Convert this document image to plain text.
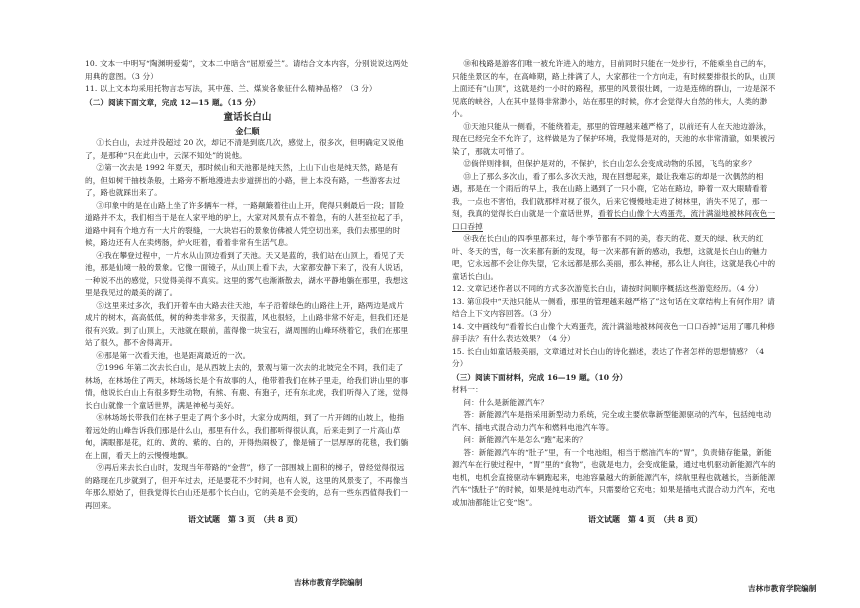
10. 文本一中明写“陶渊明爱菊”，文本二中暗含“屈原爱兰”。请结合文本内容，分别说说这两处用典的意图。（3 分）

11. 以上文本均采用托物言志写法，其中莲、兰、煤炭各象征什么精神品格？（3 分）

（二）阅读下面文章，完成 12—15 题。（15 分）

童话长白山

金仁顺

①长白山，去过并没超过 20 次，却记不清是到底几次，感觉上，很多次，但明确定又说他了，是那种“只在此山中，云深不知处”的说他。

②第一次去是 1992 年夏天，那时候山和天池都是纯天然，上山下山也是纯天然，路是有的，但如树干抽枝条般，土路旁不断地漫进去步道拼出的小路，世上本没有路，一些游客去过了，路也就踩出来了。

③印象中的是在山路上坐了许多辆车一样，一路颠簸着往山上开，爬得只剩最后一段；冒险道路并不太，我们相当于是在人家平地的驴上，大家对风景有点不着急，有的人甚至拉起了手，道路中间有个地方有一大片的裂缝，一大块岩石的景象仿佛被人凭空切出来，我们去那里的时候，路边还有人在卖烤肠，炉火旺着，看着非常有生活气息。

④我在攀登过程中，一片水从山顶边看到了天池。天又是蓝的，我们站在山顶上，看见了天池，那是仙境一般的景象。它像一面镜子，从山顶上看下去，大家都安静下来了，没有人说话，一种说不出的感觉，只觉得美得不真实。这里的雾气也渐渐散去，湖水平静地躺在那里，我想这里是我见过的最美的湖了。

⑤这里来过多次，我们开着车由大路去往天池，车子沿着绿色的山路往上开，路两边是成片成片的树木，高高低低，树的种类非常多，天很蓝，风也很轻，上山路非常不好走，但我们还是很有兴致。到了山顶上，天池就在眼前，蓝得像一块宝石，湖周围的山峰环绕着它，我们在那里站了很久，都不舍得离开。

⑥那是第一次看天池，也是距离最近的一次。

⑦1996 年第二次去长白山，是从西坡上去的，景观与第一次去的北坡完全不同，我们走了林场，在林场住了两天，林场场长是个有故事的人，他带着我们在林子里走，给我们讲山里的事情，他说长白山上有很多野生动物，有熊、有鹿、有狍子，还有东北虎，我们听得入了迷，觉得长白山就像一个童话世界，满是神秘与美好。

⑧林场场长带我们在林子里走了两个多小时，大家分成两组，到了一片开阔的山坡上，他指着远处的山峰告诉我们那是什么山，那里有什么，我们都听得很认真，后来走到了一片高山草甸，满眼都是花，红的、黄的、紫的、白的，开得热闹极了，像是铺了一层厚厚的花毯，我们躺在上面，看天上的云慢慢地飘。

⑨再后来去长白山时，发现当年带路的“金营”，修了一部围城上面积的梯子，曾经觉得很远的路现在几步就到了，但开车过去，还是要花不少时间，也有人说，这里的风景变了，不再像当年那么原始了，但我觉得长白山还是那个长白山，它的美是不会变的，总有一些东西值得我们一再回来。

语文试题　第 3 页　（共 8 页）
吉林市教育学院编制

⑩和栈路是游客们唯一被允许进入的地方，目前同时只能在一处步行，不能乘坐自己的车，只能坐景区的车，在高峰期，路上排满了人，大家都往一个方向走，有时候要排很长的队，山顶上面还有“山顶”，这就是约一小时的路程，那里的风景很壮阔，一边是连绵的群山，一边是深不见底的峡谷，人在其中显得非常渺小，站在那里的时候，你才会觉得大自然的伟大，人类的渺小。

⑪天池只能从一侧看，不能绕着走，那里的管理越来越严格了，以前还有人在天池边游泳，现在已经完全不允许了，这样做是为了保护环境，我觉得是对的，天池的水非常清澈，如果被污染了，那就太可惜了。

⑫倘佯则徘徊，但保护是对的，不保护，长白山怎么会变成动物的乐园，飞鸟的家乡？

⑬上了那么多次山，看了那么多次天池，现在回想起来，最让我难忘的却是一次偶然的相遇，那是在一个雨后的早上，我在山路上遇到了一只小鹿，它站在路边，睁着一双大眼睛看着我，一点也不害怕，我们就那样对视了很久，后来它慢慢地走进了树林里，消失不见了，那一刻，我真的觉得长白山就是一个童话世界，看着长白山像个大鸡蛋壳，流汁满溢地被林间夜色一口口吞掉

⑭我在长白山的四季里都来过，每个季节都有不同的美，春天的花、夏天的绿、秋天的红叶、冬天的雪，每一次来都有新的发现，每一次来都有新的感动，我想，这就是长白山的魅力吧，它永远都不会让你失望，它永远都是那么美丽，那么神秘，那么让人向往，这就是我心中的童话长白山。

12. 文章记述作者以不同的方式多次游览长白山，请按时间顺序概括这些游览经历。（4 分）

13. 第⑪段中“天池只能从一侧看，那里的管理越来越严格了”这句话在文章结构上有何作用？请结合上下文内容回答。（3 分）

14. 文中画线句“看着长白山像个大鸡蛋壳，流汁满溢地被林间夜色一口口吞掉”运用了哪几种修辞手法？有什么表达效果？（4 分）

15. 长白山如童话般美丽，文章通过对长白山的诗化描述，表达了作者怎样的思想情感？（4 分）

（三）阅读下面材料，完成 16—19 题。（10 分）

材料一：

问：什么是新能源汽车？

答：新能源汽车是指采用新型动力系统，完全或主要依靠新型能源驱动的汽车，包括纯电动汽车、插电式混合动力汽车和燃料电池汽车等。

问：新能源汽车是怎么“跑”起来的？

答：新能源汽车的“肚子”里，有一个电池组，相当于燃油汽车的“胃”，负责储存能量，新能源汽车在行驶过程中，“胃”里的“食物”，也就是电力，会变成能量，通过电机驱动新能源汽车的电机，电机会直接驱动车辆跑起来，电池容量越大的新能源汽车，续航里程也就越长，当新能源汽车“饿肚子”的时候，如果是纯电动汽车，只需要给它充电；如果是插电式混合动力汽车，充电或加油都能让它变“饱”。

语文试题　第 4 页　（共 8 页）
吉林市教育学院编制
